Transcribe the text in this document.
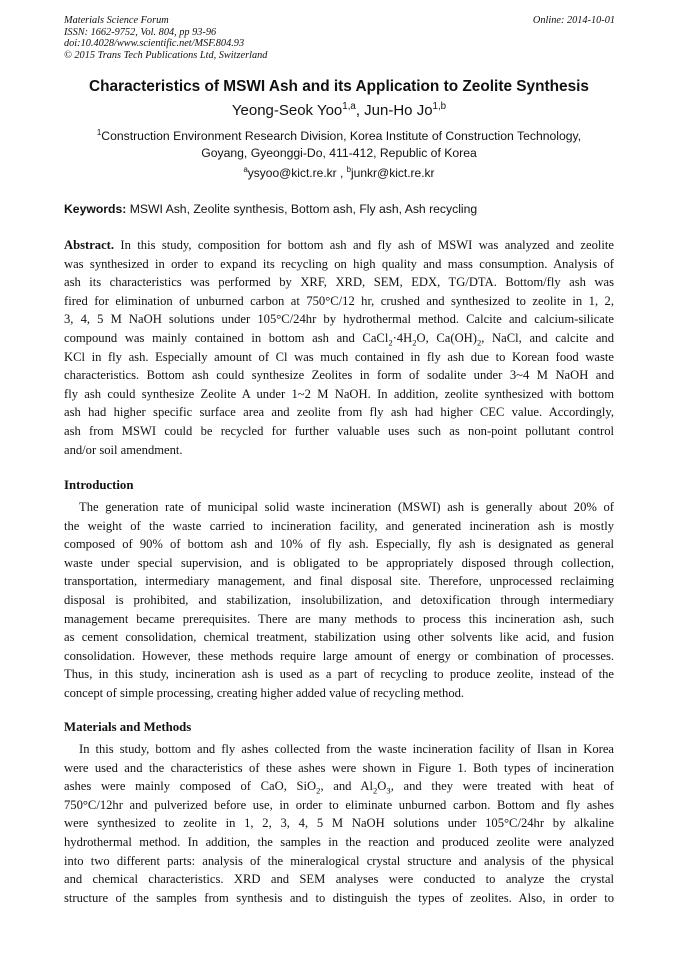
Materials Science Forum
ISSN: 1662-9752, Vol. 804, pp 93-96
doi:10.4028/www.scientific.net/MSF.804.93
© 2015 Trans Tech Publications Ltd, Switzerland
Online: 2014-10-01
Characteristics of MSWI Ash and its Application to Zeolite Synthesis
Yeong-Seok Yoo$^{1,a}$, Jun-Ho Jo$^{1,b}$
$^1$Construction Environment Research Division, Korea Institute of Construction Technology,
Goyang, Gyeonggi-Do, 411-412, Republic of Korea
$^a$ysyoo@kict.re.kr , $^b$junkr@kict.re.kr
Keywords: MSWI Ash, Zeolite synthesis, Bottom ash, Fly ash, Ash recycling
Abstract. In this study, composition for bottom ash and fly ash of MSWI was analyzed and zeolite
was synthesized in order to expand its recycling on high quality and mass consumption. Analysis of
ash its characteristics was performed by XRF, XRD, SEM, EDX, TG/DTA. Bottom/fly ash was
fired for elimination of unburned carbon at 750°C/12 hr, crushed and synthesized to zeolite in 1, 2,
3, 4, 5 M NaOH solutions under 105°C/24hr by hydrothermal method. Calcite and calcium-silicate
compound was mainly contained in bottom ash and $CaCl_2\cdot 4H_2O$, $Ca(OH)_2$, NaCl, and calcite and
KCl in fly ash. Especially amount of Cl was much contained in fly ash due to Korean food waste
characteristics. Bottom ash could synthesize Zeolites in form of sodalite under 3~4 M NaOH and
fly ash could synthesize Zeolite A under 1~2 M NaOH. In addition, zeolite synthesized with bottom
ash had higher specific surface area and zeolite from fly ash had higher CEC value. Accordingly,
ash from MSWI could be recycled for further valuable uses such as non-point pollutant control
and/or soil amendment.
Introduction
The generation rate of municipal solid waste incineration (MSWI) ash is generally about 20% of
the weight of the waste carried to incineration facility, and generated incineration ash is mostly
composed of 90% of bottom ash and 10% of fly ash. Especially, fly ash is designated as general
waste under special supervision, and is obligated to be appropriately disposed through collection,
transportation, intermediary management, and final disposal site. Therefore, unprocessed reclaiming
disposal is prohibited, and stabilization, insolubilization, and detoxification through intermediary
management became prerequisites. There are many methods to process this incineration ash, such
as cement consolidation, chemical treatment, stabilization using other solvents like acid, and fusion
consolidation. However, these methods require large amount of energy or combination of processes.
Thus, in this study, incineration ash is used as a part of recycling to produce zeolite, instead of the
concept of simple processing, creating higher added value of recycling method.
Materials and Methods
In this study, bottom and fly ashes collected from the waste incineration facility of Ilsan in Korea
were used and the characteristics of these ashes were shown in Figure 1. Both types of incineration
ashes were mainly composed of CaO, SiO$_2$, and $Al_2O_3$, and they were treated with heat of
750°C/12hr and pulverized before use, in order to eliminate unburned carbon. Bottom and fly ashes
were synthesized to zeolite in 1, 2, 3, 4, 5 M NaOH solutions under 105°C/24hr by alkaline
hydrothermal method. In addition, the samples in the reaction and produced zeolite were analyzed
into two different parts: analysis of the mineralogical crystal structure and analysis of the physical
and chemical characteristics. XRD and SEM analyses were conducted to analyze the crystal
structure of the samples from synthesis and to distinguish the types of zeolites. Also, in order to
